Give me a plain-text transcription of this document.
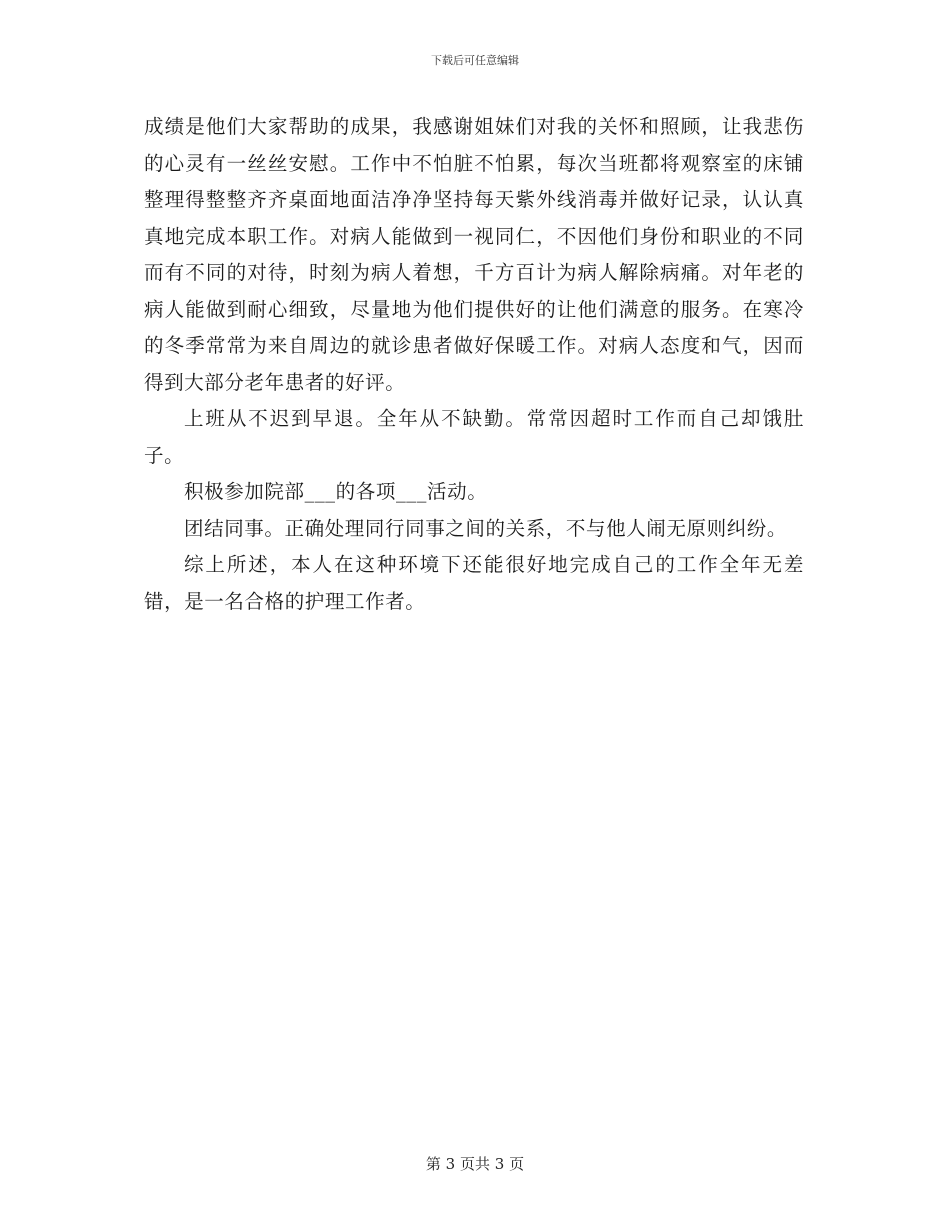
下载后可任意编辑

成绩是他们大家帮助的成果，我感谢姐妹们对我的关怀和照顾，让我悲伤的心灵有一丝丝安慰。工作中不怕脏不怕累，每次当班都将观察室的床铺整理得整整齐齐桌面地面洁净净坚持每天紫外线消毒并做好记录，认认真真地完成本职工作。对病人能做到一视同仁，不因他们身份和职业的不同而有不同的对待，时刻为病人着想，千方百计为病人解除病痛。对年老的病人能做到耐心细致，尽量地为他们提供好的让他们满意的服务。在寒冷的冬季常常为来自周边的就诊患者做好保暖工作。对病人态度和气，因而得到大部分老年患者的好评。

上班从不迟到早退。全年从不缺勤。常常因超时工作而自己却饿肚子。

积极参加院部___的各项___活动。

团结同事。正确处理同行同事之间的关系，不与他人闹无原则纠纷。

综上所述，本人在这种环境下还能很好地完成自己的工作全年无差错，是一名合格的护理工作者。

第 3 页共 3 页
